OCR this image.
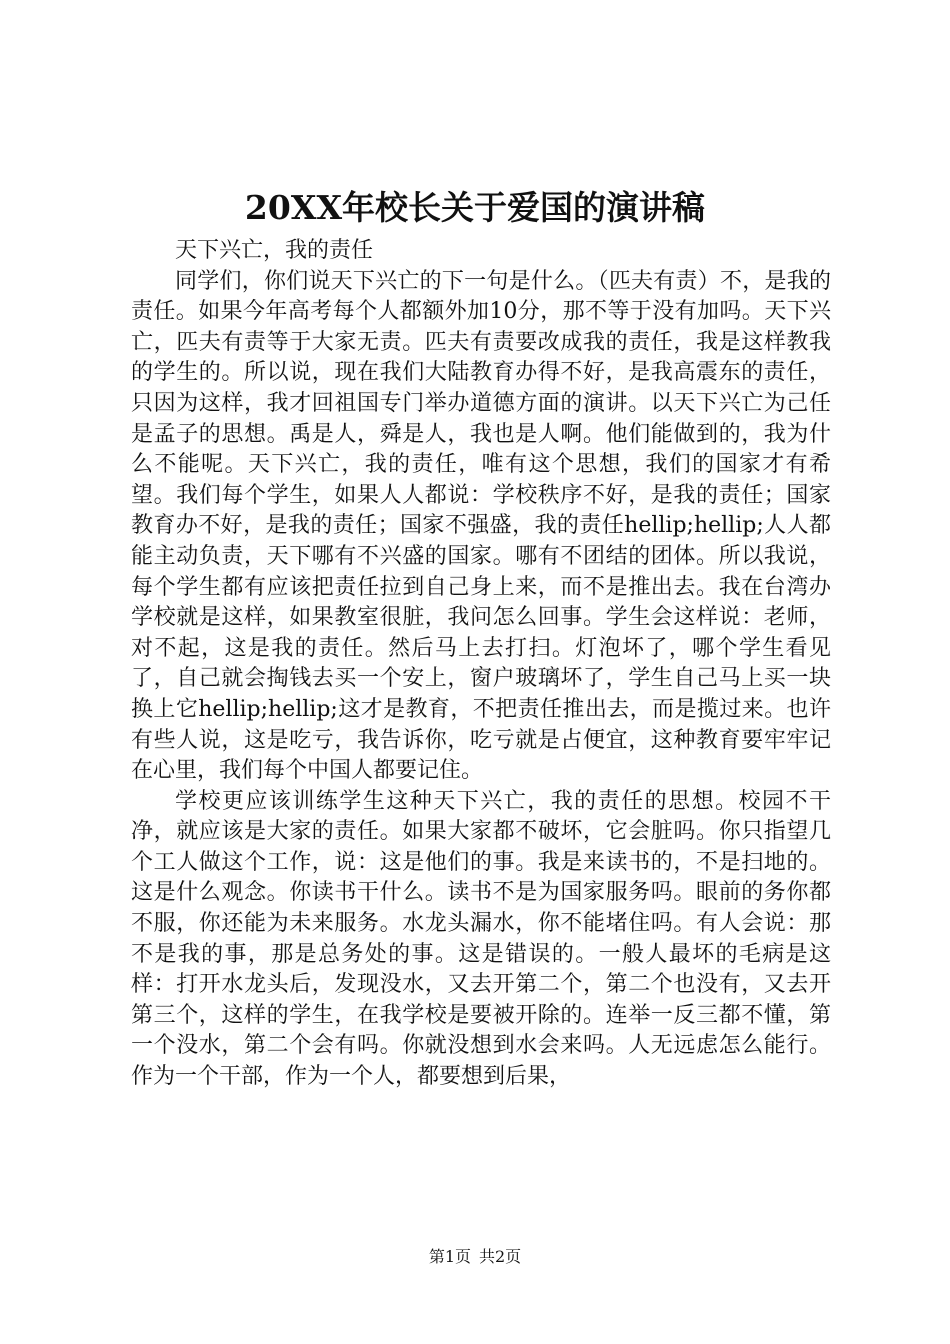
20XX年校长关于爱国的演讲稿

天下兴亡，我的责任

同学们，你们说天下兴亡的下一句是什么。（匹夫有责）不，是我的责任。如果今年高考每个人都额外加10分，那不等于没有加吗。天下兴亡，匹夫有责等于大家无责。匹夫有责要改成我的责任，我是这样教我的学生的。所以说，现在我们大陆教育办得不好，是我高震东的责任，只因为这样，我才回祖国专门举办道德方面的演讲。以天下兴亡为己任是孟子的思想。禹是人，舜是人，我也是人啊。他们能做到的，我为什么不能呢。天下兴亡，我的责任，唯有这个思想，我们的国家才有希望。我们每个学生，如果人人都说：学校秩序不好，是我的责任；国家教育办不好，是我的责任；国家不强盛，我的责任hellip;hellip;人人都能主动负责，天下哪有不兴盛的国家。哪有不团结的团体。所以我说，每个学生都有应该把责任拉到自己身上来，而不是推出去。我在台湾办学校就是这样，如果教室很脏，我问怎么回事。学生会这样说：老师，对不起，这是我的责任。然后马上去打扫。灯泡坏了，哪个学生看见了，自己就会掏钱去买一个安上，窗户玻璃坏了，学生自己马上买一块换上它hellip;hellip;这才是教育，不把责任推出去，而是揽过来。也许有些人说，这是吃亏，我告诉你，吃亏就是占便宜，这种教育要牢牢记在心里，我们每个中国人都要记住。

学校更应该训练学生这种天下兴亡，我的责任的思想。校园不干净，就应该是大家的责任。如果大家都不破坏，它会脏吗。你只指望几个工人做这个工作，说：这是他们的事。我是来读书的，不是扫地的。这是什么观念。你读书干什么。读书不是为国家服务吗。眼前的务你都不服，你还能为未来服务。水龙头漏水，你不能堵住吗。有人会说：那不是我的事，那是总务处的事。这是错误的。一般人最坏的毛病是这样：打开水龙头后，发现没水，又去开第二个，第二个也没有，又去开第三个，这样的学生，在我学校是要被开除的。连举一反三都不懂，第一个没水，第二个会有吗。你就没想到水会来吗。人无远虑怎么能行。作为一个干部，作为一个人，都要想到后果，

第1页 共2页
